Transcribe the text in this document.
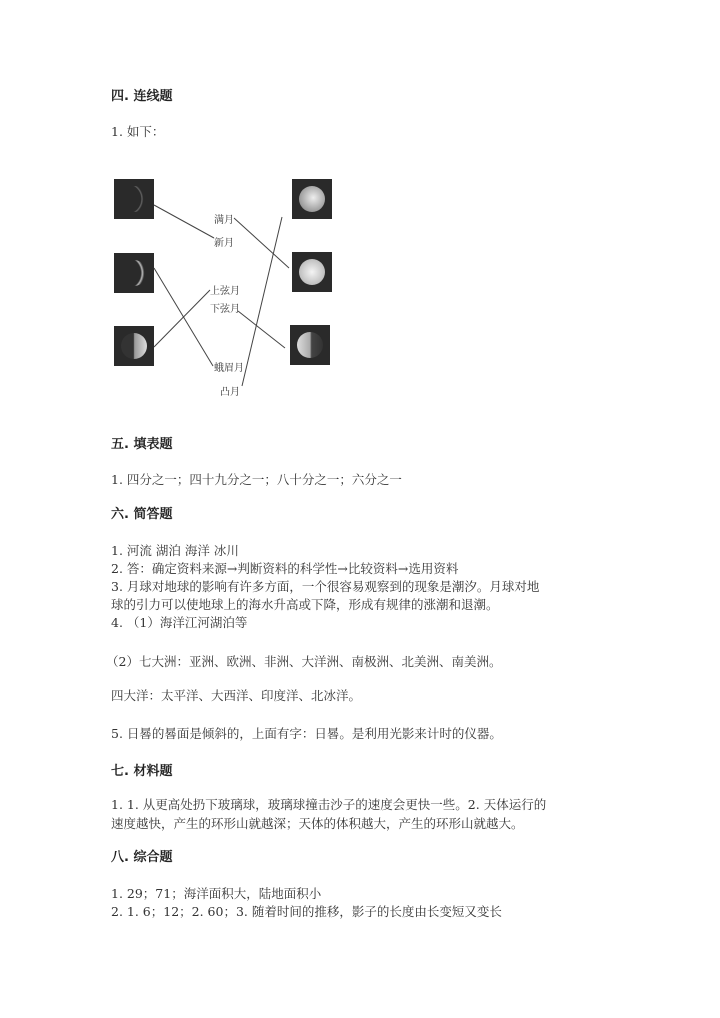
四. 连线题
1. 如下：
满月
新月
上弦月
下弦月
蛾眉月
凸月
五. 填表题
1. 四分之一；四十九分之一；八十分之一；六分之一
六. 简答题
1. 河流 湖泊 海洋 冰川
2. 答：确定资料来源→判断资料的科学性→比较资料→选用资料
3. 月球对地球的影响有许多方面，一个很容易观察到的现象是潮汐。月球对地
球的引力可以使地球上的海水升高或下降，形成有规律的涨潮和退潮。
4. （1）海洋江河湖泊等
（2）七大洲：亚洲、欧洲、非洲、大洋洲、南极洲、北美洲、南美洲。
四大洋：太平洋、大西洋、印度洋、北冰洋。
5. 日晷的晷面是倾斜的，上面有字：日晷。是利用光影来计时的仪器。
七. 材料题
1. 1. 从更高处扔下玻璃球，玻璃球撞击沙子的速度会更快一些。2. 天体运行的
速度越快，产生的环形山就越深；天体的体积越大，产生的环形山就越大。
八. 综合题
1. 29；71；海洋面积大，陆地面积小
2. 1. 6；12；2. 60；3. 随着时间的推移，影子的长度由长变短又变长
